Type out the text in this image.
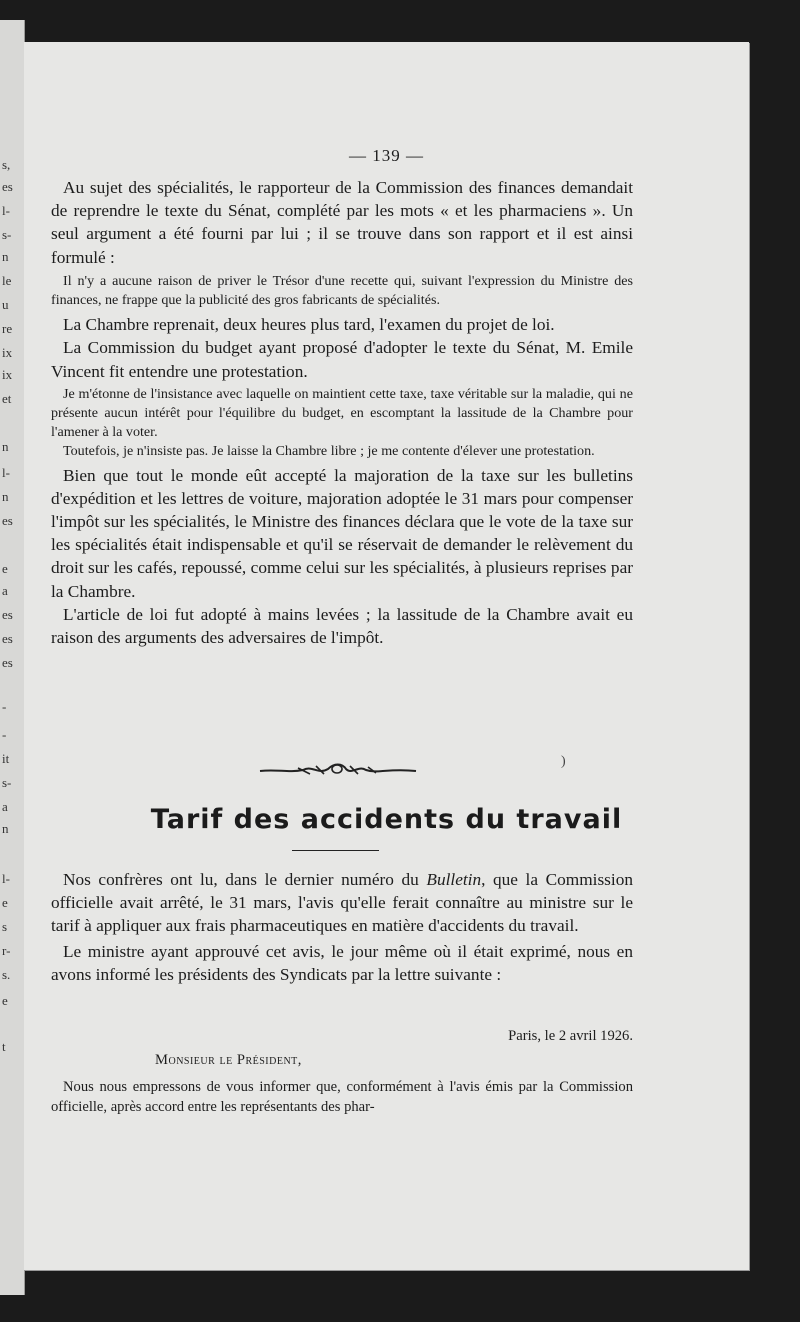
s,
es
l-
s-
n
le
u
re
ix
ix
et
n
l-
n
es
e
a
es
es
es
-
-
it
s-
a
n
l-
e
s
r-
s.
e
t
— 139 —

Au sujet des spécialités, le rapporteur de la Commission des finances demandait de reprendre le texte du Sénat, complété par les mots « et les pharmaciens ». Un seul argument a été fourni par lui ; il se trouve dans son rapport et il est ainsi formulé :

Il n'y a aucune raison de priver le Trésor d'une recette qui, suivant l'expression du Ministre des finances, ne frappe que la publicité des gros fabricants de spécialités.

La Chambre reprenait, deux heures plus tard, l'examen du projet de loi.

La Commission du budget ayant proposé d'adopter le texte du Sénat, M. Emile Vincent fit entendre une protestation.

Je m'étonne de l'insistance avec laquelle on maintient cette taxe, taxe véritable sur la maladie, qui ne présente aucun intérêt pour l'équilibre du budget, en escomptant la lassitude de la Chambre pour l'amener à la voter.

Toutefois, je n'insiste pas. Je laisse la Chambre libre ; je me contente d'élever une protestation.

Bien que tout le monde eût accepté la majoration de la taxe sur les bulletins d'expédition et les lettres de voiture, majoration adoptée le 31 mars pour compenser l'impôt sur les spécialités, le Ministre des finances déclara que le vote de la taxe sur les spécialités était indispensable et qu'il se réservait de demander le relèvement du droit sur les cafés, repoussé, comme celui sur les spécialités, à plusieurs reprises par la Chambre.

L'article de loi fut adopté à mains levées ; la lassitude de la Chambre avait eu raison des arguments des adversaires de l'impôt.

)
Tarif des accidents du travail

Nos confrères ont lu, dans le dernier numéro du Bulletin, que la Commission officielle avait arrêté, le 31 mars, l'avis qu'elle ferait connaître au ministre sur le tarif à appliquer aux frais pharmaceutiques en matière d'accidents du travail.

Le ministre ayant approuvé cet avis, le jour même où il était exprimé, nous en avons informé les présidents des Syndicats par la lettre suivante :

Paris, le 2 avril 1926.
Monsieur le Président,

Nous nous empressons de vous informer que, conformément à l'avis émis par la Commission officielle, après accord entre les représentants des phar-
